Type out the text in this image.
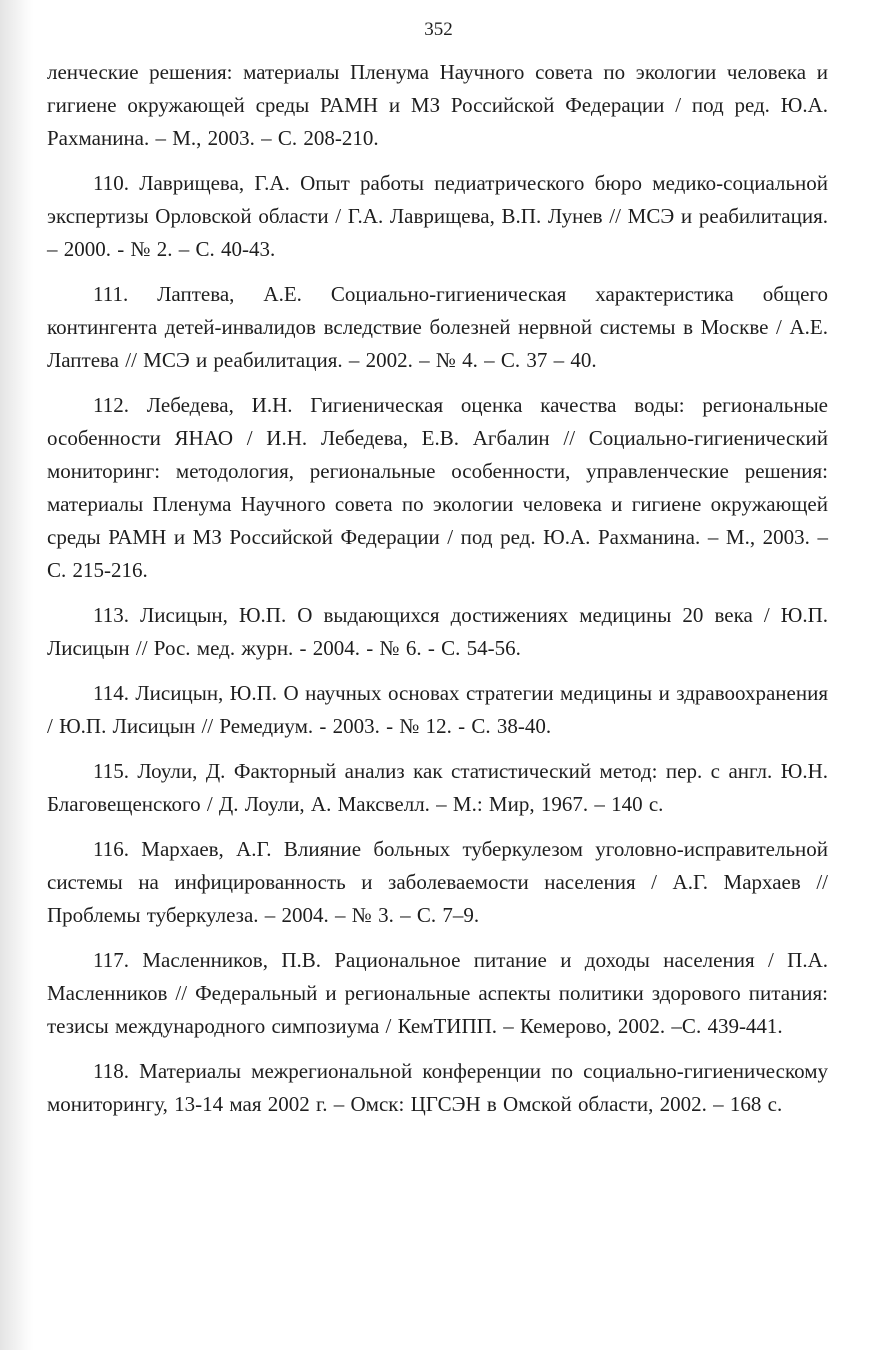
352
ленческие решения: материалы Пленума Научного совета по экологии человека и гигиене окружающей среды РАМН и МЗ Российской Федерации / под ред. Ю.А. Рахманина. – М., 2003. – С. 208-210.
110. Лаврищева, Г.А. Опыт работы педиатрического бюро медико-социальной экспертизы Орловской области / Г.А. Лаврищева, В.П. Лунев // МСЭ и реабилитация. – 2000. - № 2. – С. 40-43.
111. Лаптева, А.Е. Социально-гигиеническая характеристика общего контингента детей-инвалидов вследствие болезней нервной системы в Москве / А.Е. Лаптева // МСЭ и реабилитация. – 2002. – № 4. – С. 37 – 40.
112. Лебедева, И.Н. Гигиеническая оценка качества воды: региональные особенности ЯНАО / И.Н. Лебедева, Е.В. Агбалин // Социально-гигиенический мониторинг: методология, региональные особенности, управленческие решения: материалы Пленума Научного совета по экологии человека и гигиене окружающей среды РАМН и МЗ Российской Федерации / под ред. Ю.А. Рахманина. – М., 2003. – С. 215-216.
113. Лисицын, Ю.П. О выдающихся достижениях медицины 20 века / Ю.П. Лисицын // Рос. мед. журн. - 2004. - № 6. - С. 54-56.
114. Лисицын, Ю.П. О научных основах стратегии медицины и здравоохранения / Ю.П. Лисицын // Ремедиум. - 2003. - № 12. - С. 38-40.
115. Лоули, Д. Факторный анализ как статистический метод: пер. с англ. Ю.Н. Благовещенского / Д. Лоули, А. Максвелл. – М.: Мир, 1967. – 140 с.
116. Мархаев, А.Г. Влияние больных туберкулезом уголовно-исправительной системы на инфицированность и заболеваемости населения / А.Г. Мархаев // Проблемы туберкулеза. – 2004. – № 3. – С. 7–9.
117. Масленников, П.В. Рациональное питание и доходы населения / П.А. Масленников // Федеральный и региональные аспекты политики здорового питания: тезисы международного симпозиума / КемТИПП. – Кемерово, 2002. –С. 439-441.
118. Материалы межрегиональной конференции по социально-гигиеническому мониторингу, 13-14 мая 2002 г. – Омск: ЦГСЭН в Омской области, 2002. – 168 с.
